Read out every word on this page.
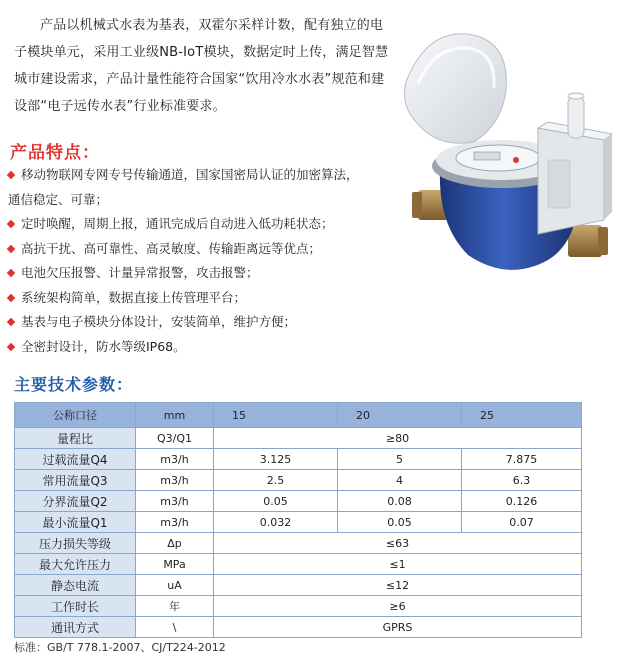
产品以机械式水表为基表，双霍尔采样计数，配有独立的电子模块单元，采用工业级NB-IoT模块，数据定时上传，满足智慧城市建设需求，产品计量性能符合国家“饮用冷水水表”规范和建设部“电子远传水表”行业标准要求。

产品特点：
移动物联网专网专号传输通道，国家国密局认证的加密算法，
通信稳定、可靠；
定时唤醒，周期上报，通讯完成后自动进入低功耗状态；
高抗干扰、高可靠性、高灵敏度、传输距离远等优点；
电池欠压报警、计量异常报警，攻击报警；
系统架构简单，数据直接上传管理平台；
基表与电子模块分体设计，安装简单，维护方便；
全密封设计，防水等级IP68。
主要技术参数：
公称口径	mm	15	20	25
量程比	Q3/Q1	≥80		
过载流量Q4	m3/h	3.125	5	7.875
常用流量Q3	m3/h	2.5	4	6.3
分界流量Q2	m3/h	0.05	0.08	0.126
最小流量Q1	m3/h	0.032	0.05	0.07
压力损失等级	Δp	≤63		
最大允许压力	MPa	≤1		
静态电流	uA	≤12		
工作时长	年	≥6		
通讯方式	\	GPRS		

标准：GB/T 778.1-2007、CJ/T224-2012
